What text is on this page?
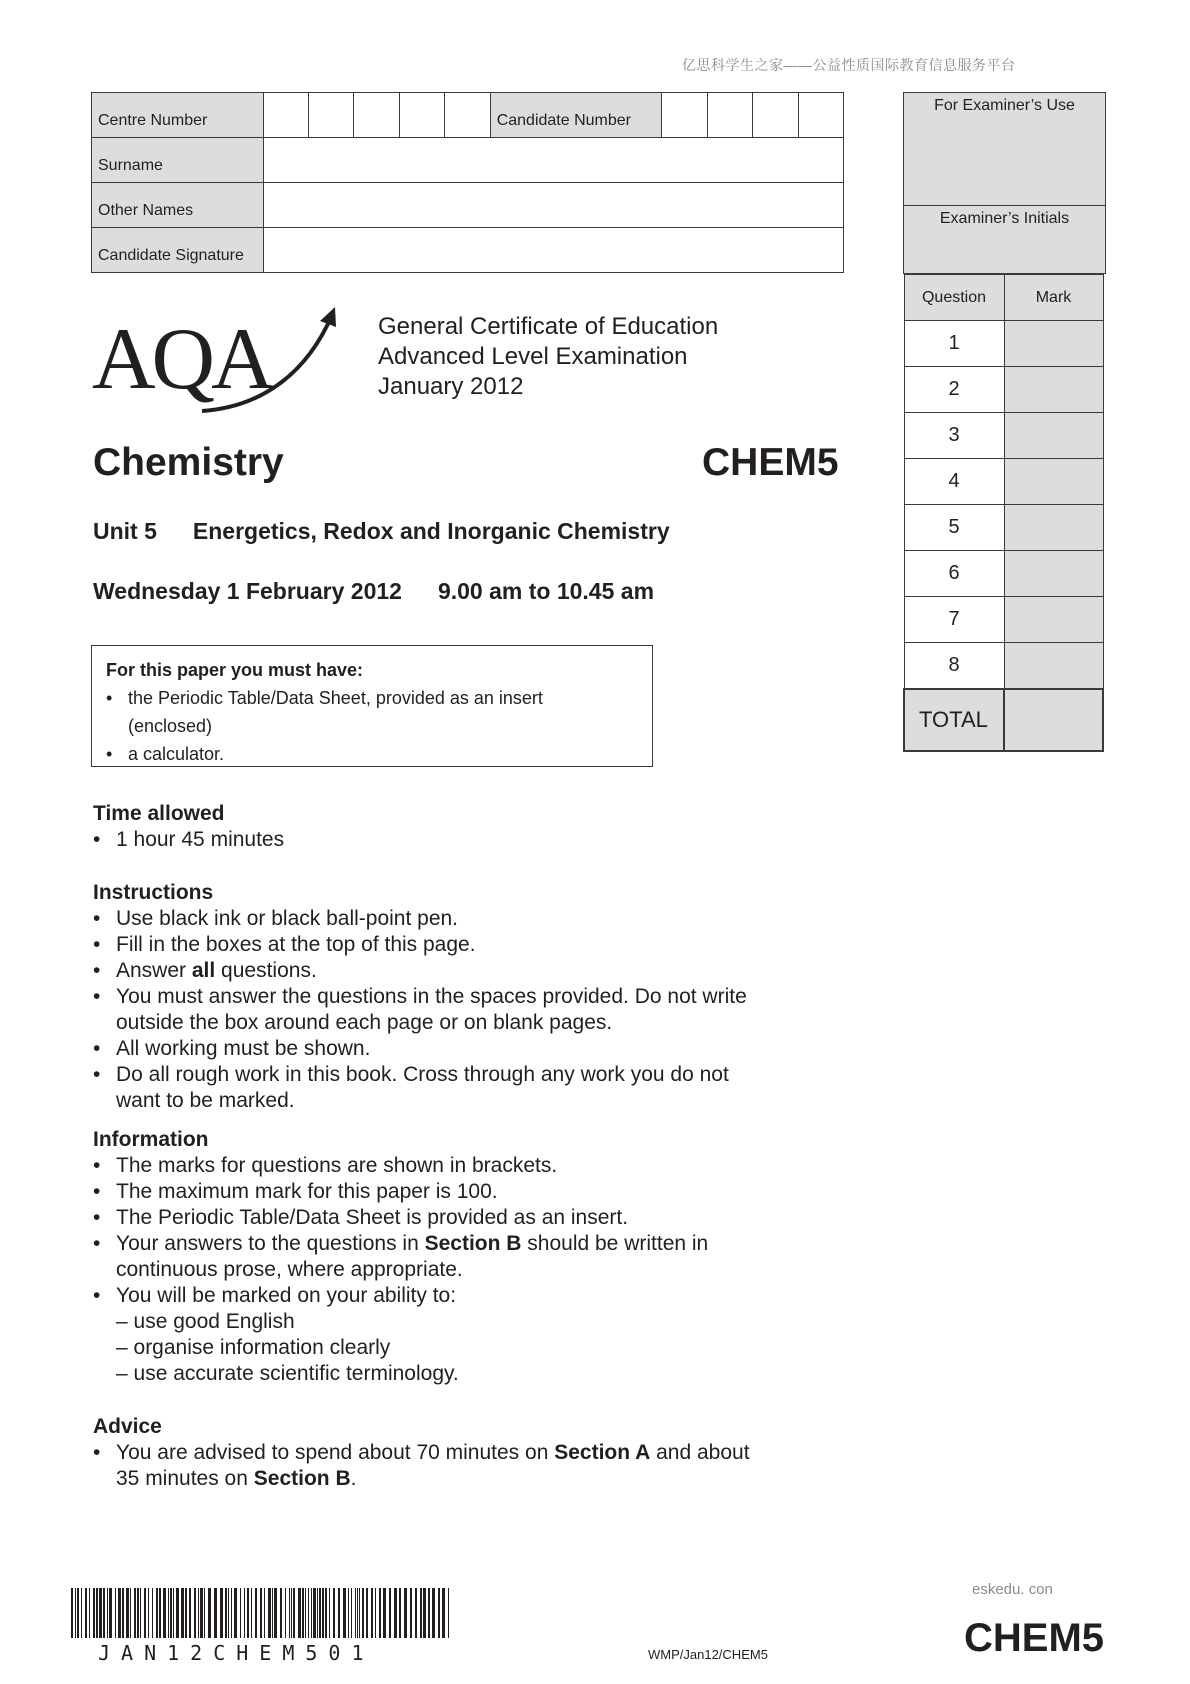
亿思科学生之家——公益性质国际教育信息服务平台
Centre Number						Candidate Number				
Surname										
Other Names										
Candidate Signature										
For Examiner’s Use
Examiner’s Initials
Question	Mark
1	
2	
3	
4	
5	
6	
7	
8	
TOTAL	
AQA	General Certificate of Education
Advanced Level Examination
January 2012
Chemistry	CHEM5
Unit 5 Energetics, Redox and Inorganic Chemistry
Wednesday 1 February 2012 9.00 am to 10.45 am
For this paper you must have:
• the Periodic Table/Data Sheet, provided as an insert
(enclosed)
• a calculator.
Time allowed
• 1 hour 45 minutes
Instructions
• Use black ink or black ball-point pen.
• Fill in the boxes at the top of this page.
• Answer all questions.
• You must answer the questions in the spaces provided. Do not write
outside the box around each page or on blank pages.
• All working must be shown.
• Do all rough work in this book. Cross through any work you do not
want to be marked.
Information
• The marks for questions are shown in brackets.
• The maximum mark for this paper is 100.
• The Periodic Table/Data Sheet is provided as an insert.
• Your answers to the questions in Section B should be written in
continuous prose, where appropriate.
• You will be marked on your ability to:
– use good English
– organise information clearly
– use accurate scientific terminology.
Advice
• You are advised to spend about 70 minutes on Section A and about
35 minutes on Section B.
JAN12CHEM501	WMP/Jan12/CHEM5
eskedu. con
CHEM5
